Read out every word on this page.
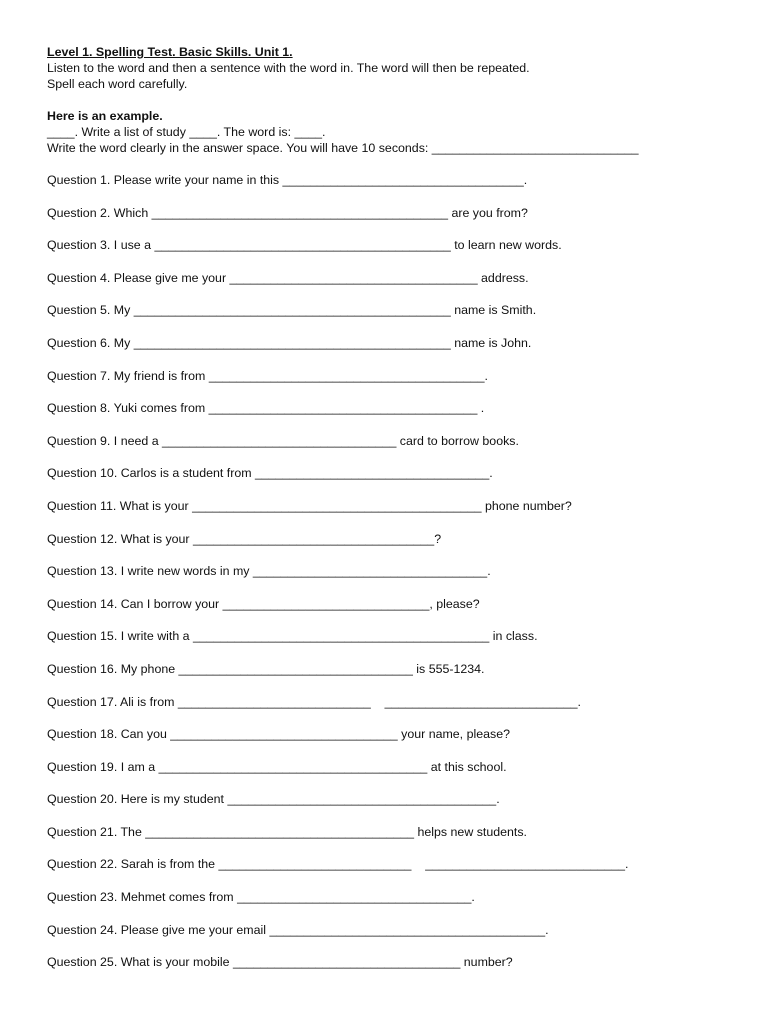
Level 1. Spelling Test. Basic Skills. Unit 1.

Listen to the word and then a sentence with the word in. The word will then be repeated.

Spell each word carefully.

Here is an example.

____. Write a list of study ____. The word is: ____.

Write the word clearly in the answer space. You will have 10 seconds: ______________________________

Question 1. Please write your name in this ___________________________________.
Question 2. Which ___________________________________________ are you from?
Question 3. I use a ___________________________________________ to learn new words.
Question 4. Please give me your ____________________________________ address.
Question 5. My ______________________________________________ name is Smith.
Question 6. My ______________________________________________ name is John.
Question 7. My friend is from ________________________________________.
Question 8. Yuki comes from _______________________________________ .
Question 9. I need a __________________________________ card to borrow books.
Question 10. Carlos is a student from __________________________________.
Question 11. What is your __________________________________________ phone number?
Question 12. What is your ___________________________________?
Question 13. I write new words in my __________________________________.
Question 14. Can I borrow your ______________________________, please?
Question 15. I write with a ___________________________________________ in class.
Question 16. My phone __________________________________ is 555-1234.
Question 17. Ali is from ____________________________    ____________________________.
Question 18. Can you _________________________________ your name, please?
Question 19. I am a _______________________________________ at this school.
Question 20. Here is my student _______________________________________.
Question 21. The _______________________________________ helps new students.
Question 22. Sarah is from the ____________________________    _____________________________.
Question 23. Mehmet comes from __________________________________.
Question 24. Please give me your email ________________________________________.
Question 25. What is your mobile _________________________________ number?
